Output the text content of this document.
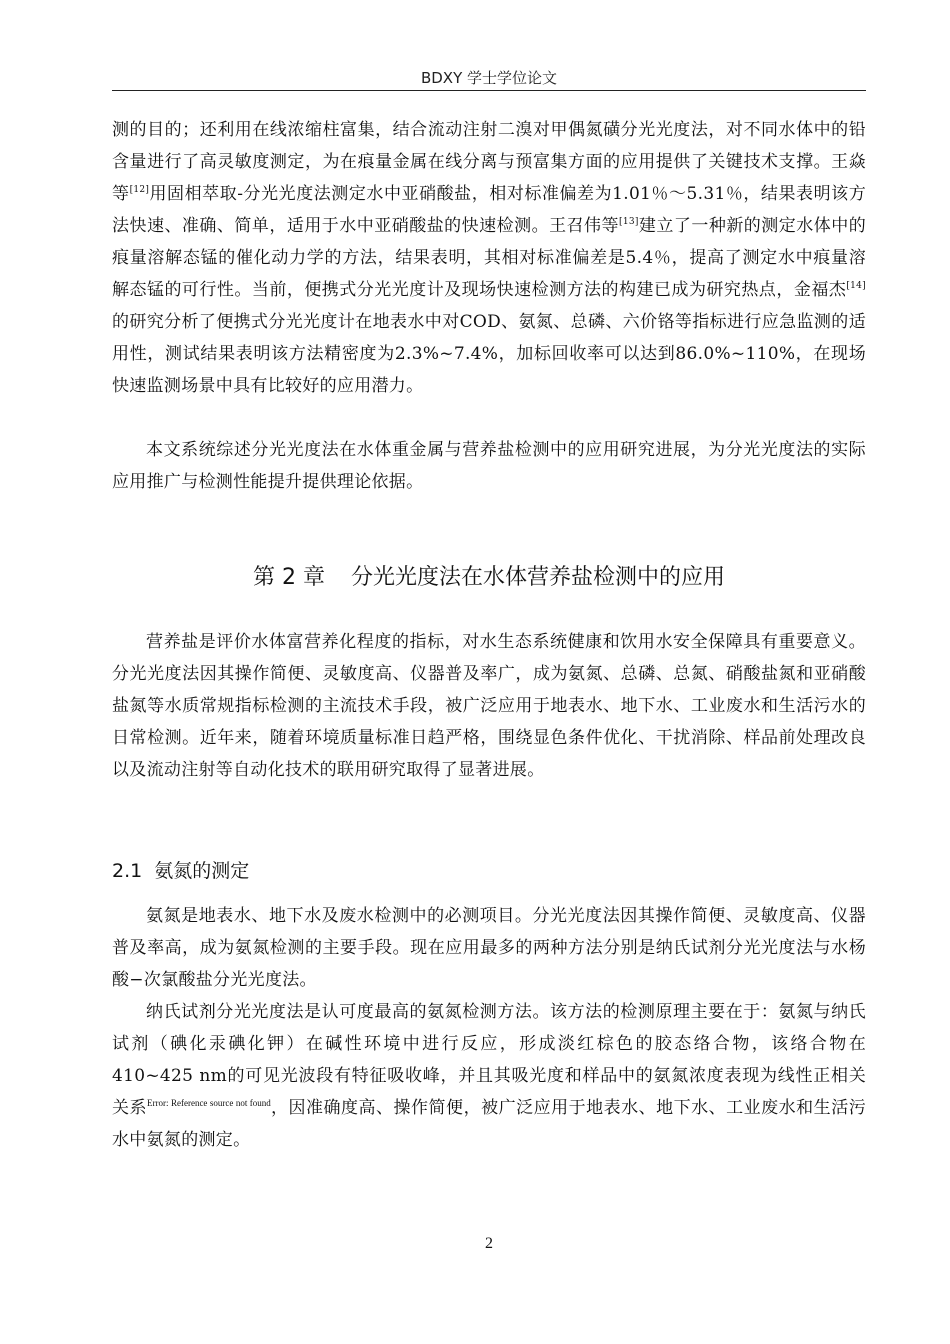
BDXY 学士学位论文

测的目的；还利用在线浓缩柱富集，结合流动注射二溴对甲偶氮磺分光光度法，对不同水体中的铅含量进行了高灵敏度测定，为在痕量金属在线分离与预富集方面的应用提供了关键技术支撑。王焱等[12]用固相萃取-分光光度法测定水中亚硝酸盐，相对标准偏差为1.01％～5.31％，结果表明该方法快速、准确、简单，适用于水中亚硝酸盐的快速检测。王召伟等[13]建立了一种新的测定水体中的痕量溶解态锰的催化动力学的方法，结果表明，其相对标准偏差是5.4％，提高了测定水中痕量溶解态锰的可行性。当前，便携式分光光度计及现场快速检测方法的构建已成为研究热点，金福杰[14]的研究分析了便携式分光光度计在地表水中对COD、氨氮、总磷、六价铬等指标进行应急监测的适用性，测试结果表明该方法精密度为2.3%~7.4%，加标回收率可以达到86.0%~110%，在现场快速监测场景中具有比较好的应用潜力。

本文系统综述分光光度法在水体重金属与营养盐检测中的应用研究进展，为分光光度法的实际应用推广与检测性能提升提供理论依据。

第 2 章 分光光度法在水体营养盐检测中的应用

营养盐是评价水体富营养化程度的指标，对水生态系统健康和饮用水安全保障具有重要意义。分光光度法因其操作简便、灵敏度高、仪器普及率广，成为氨氮、总磷、总氮、硝酸盐氮和亚硝酸盐氮等水质常规指标检测的主流技术手段，被广泛应用于地表水、地下水、工业废水和生活污水的日常检测。近年来，随着环境质量标准日趋严格，围绕显色条件优化、干扰消除、样品前处理改良以及流动注射等自动化技术的联用研究取得了显著进展。

2.1 氨氮的测定

氨氮是地表水、地下水及废水检测中的必测项目。分光光度法因其操作简便、灵敏度高、仪器普及率高，成为氨氮检测的主要手段。现在应用最多的两种方法分别是纳氏试剂分光光度法与水杨酸−次氯酸盐分光光度法。

纳氏试剂分光光度法是认可度最高的氨氮检测方法。该方法的检测原理主要在于：氨氮与纳氏试剂（碘化汞碘化钾）在碱性环境中进行反应，形成淡红棕色的胶态络合物，该络合物在410~425 nm的可见光波段有特征吸收峰，并且其吸光度和样品中的氨氮浓度表现为线性正相关关系$^{Error: Reference source not found}$，因准确度高、操作简便，被广泛应用于地表水、地下水、工业废水和生活污水中氨氮的测定。

2
